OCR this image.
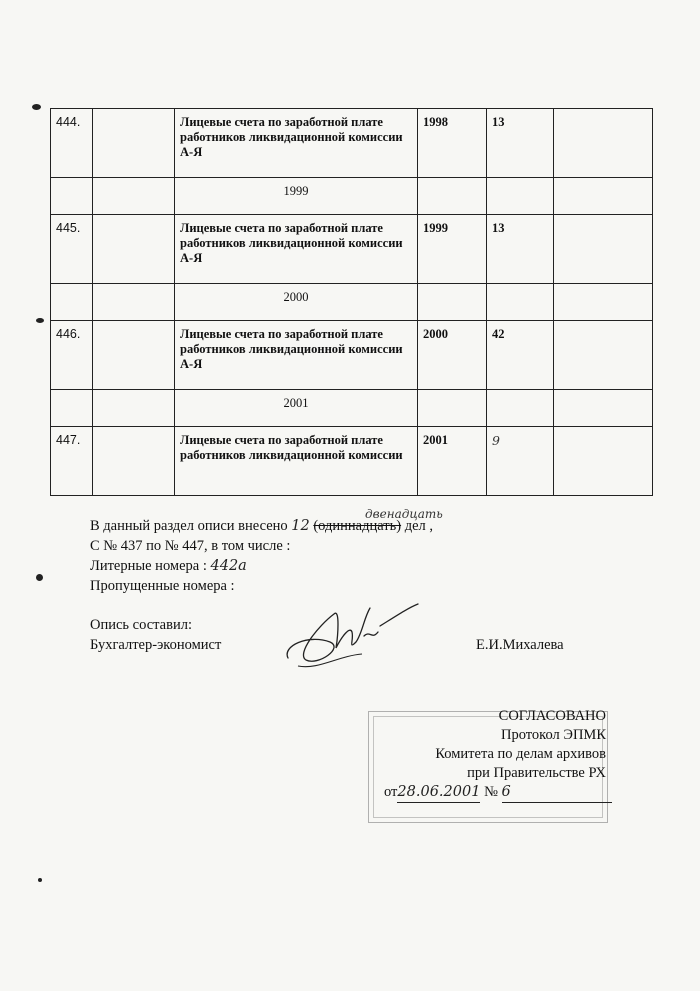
444.		Лицевые счета по заработной плате работников ликвидационной комиссии А-Я	1998	13	
		1999			
445.		Лицевые счета по заработной плате работников ликвидационной комиссии А-Я	1999	13	
		2000			
446.		Лицевые счета по заработной плате работников ликвидационной комиссии А-Я	2000	42	
		2001			
447.		Лицевые счета по заработной плате работников ликвидационной комиссии	2001	9	
двенадцать
В данный раздел описи внесено 12 (одиннадцать) дел ,
С № 437 по № 447, в том числе :
Литерные номера : 442а
Пропущенные номера :
Опись составил:
Бухгалтер-экономист	Е.И.Михалева
СОГЛАСОВАНО
Протокол ЭПМК
Комитета по делам архивов
при Правительстве РХ
от28.06.2001 № 6
